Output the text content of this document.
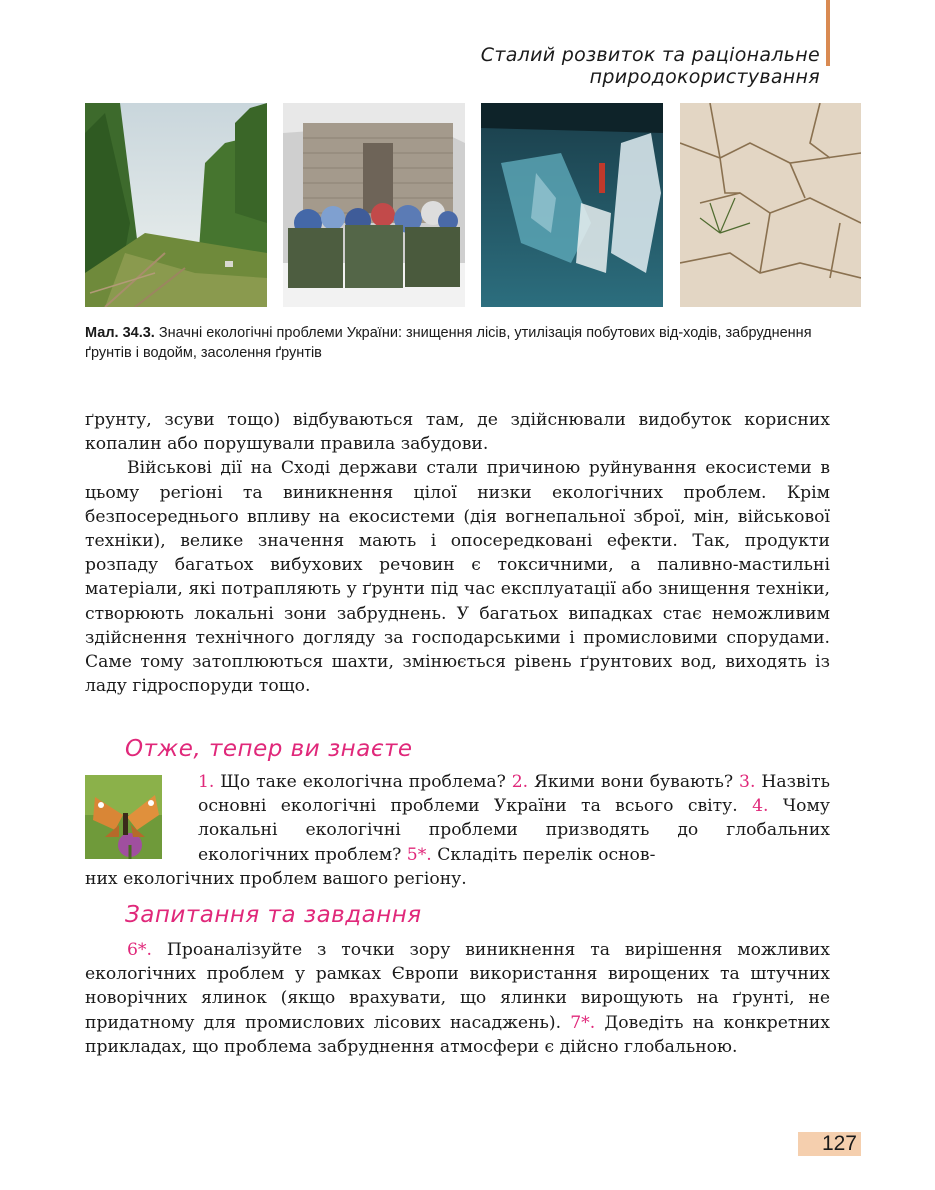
Сталий розвиток та раціональне природокористування
Мал. 34.3. Значні екологічні проблеми України: знищення лісів, утилізація побутових від-ходів, забруднення ґрунтів і водойм, засолення ґрунтів

ґрунту, зсуви тощо) відбуваються там, де здійснювали видобуток корисних копалин або порушували правила забудови.

Військові дії на Сході держави стали причиною руйнування екосистеми в цьому регіоні та виникнення цілої низки екологічних проблем. Крім безпосереднього впливу на екосистеми (дія вогнепальної зброї, мін, військової техніки), велике значення мають і опосередковані ефекти. Так, продукти розпаду багатьох вибухових речовин є токсичними, а паливно-мастильні матеріали, які потрапляють у ґрунти під час експлуатації або знищення техніки, створюють локальні зони забруднень. У багатьох випадках стає неможливим здійснення технічного догляду за господарськими і промисловими спорудами. Саме тому затоплюються шахти, змінюється рівень ґрунтових вод, виходять із ладу гідроспоруди тощо.

Отже, тепер ви знаєте

1. Що таке екологічна проблема? 2. Якими вони бувають? 3. Назвіть основні екологічні проблеми України та всього світу. 4. Чому локальні екологічні проблеми призводять до глобальних екологічних проблем? 5*. Складіть перелік основ-

них екологічних проблем вашого регіону.
Запитання та завдання

6*. Проаналізуйте з точки зору виникнення та вирішення можливих екологічних проблем у рамках Європи використання вирощених та штучних новорічних ялинок (якщо врахувати, що ялинки вирощують на ґрунті, не придатному для промислових лісових насаджень). 7*. Доведіть на конкретних прикладах, що проблема забруднення атмосфери є дійсно глобальною.

127
